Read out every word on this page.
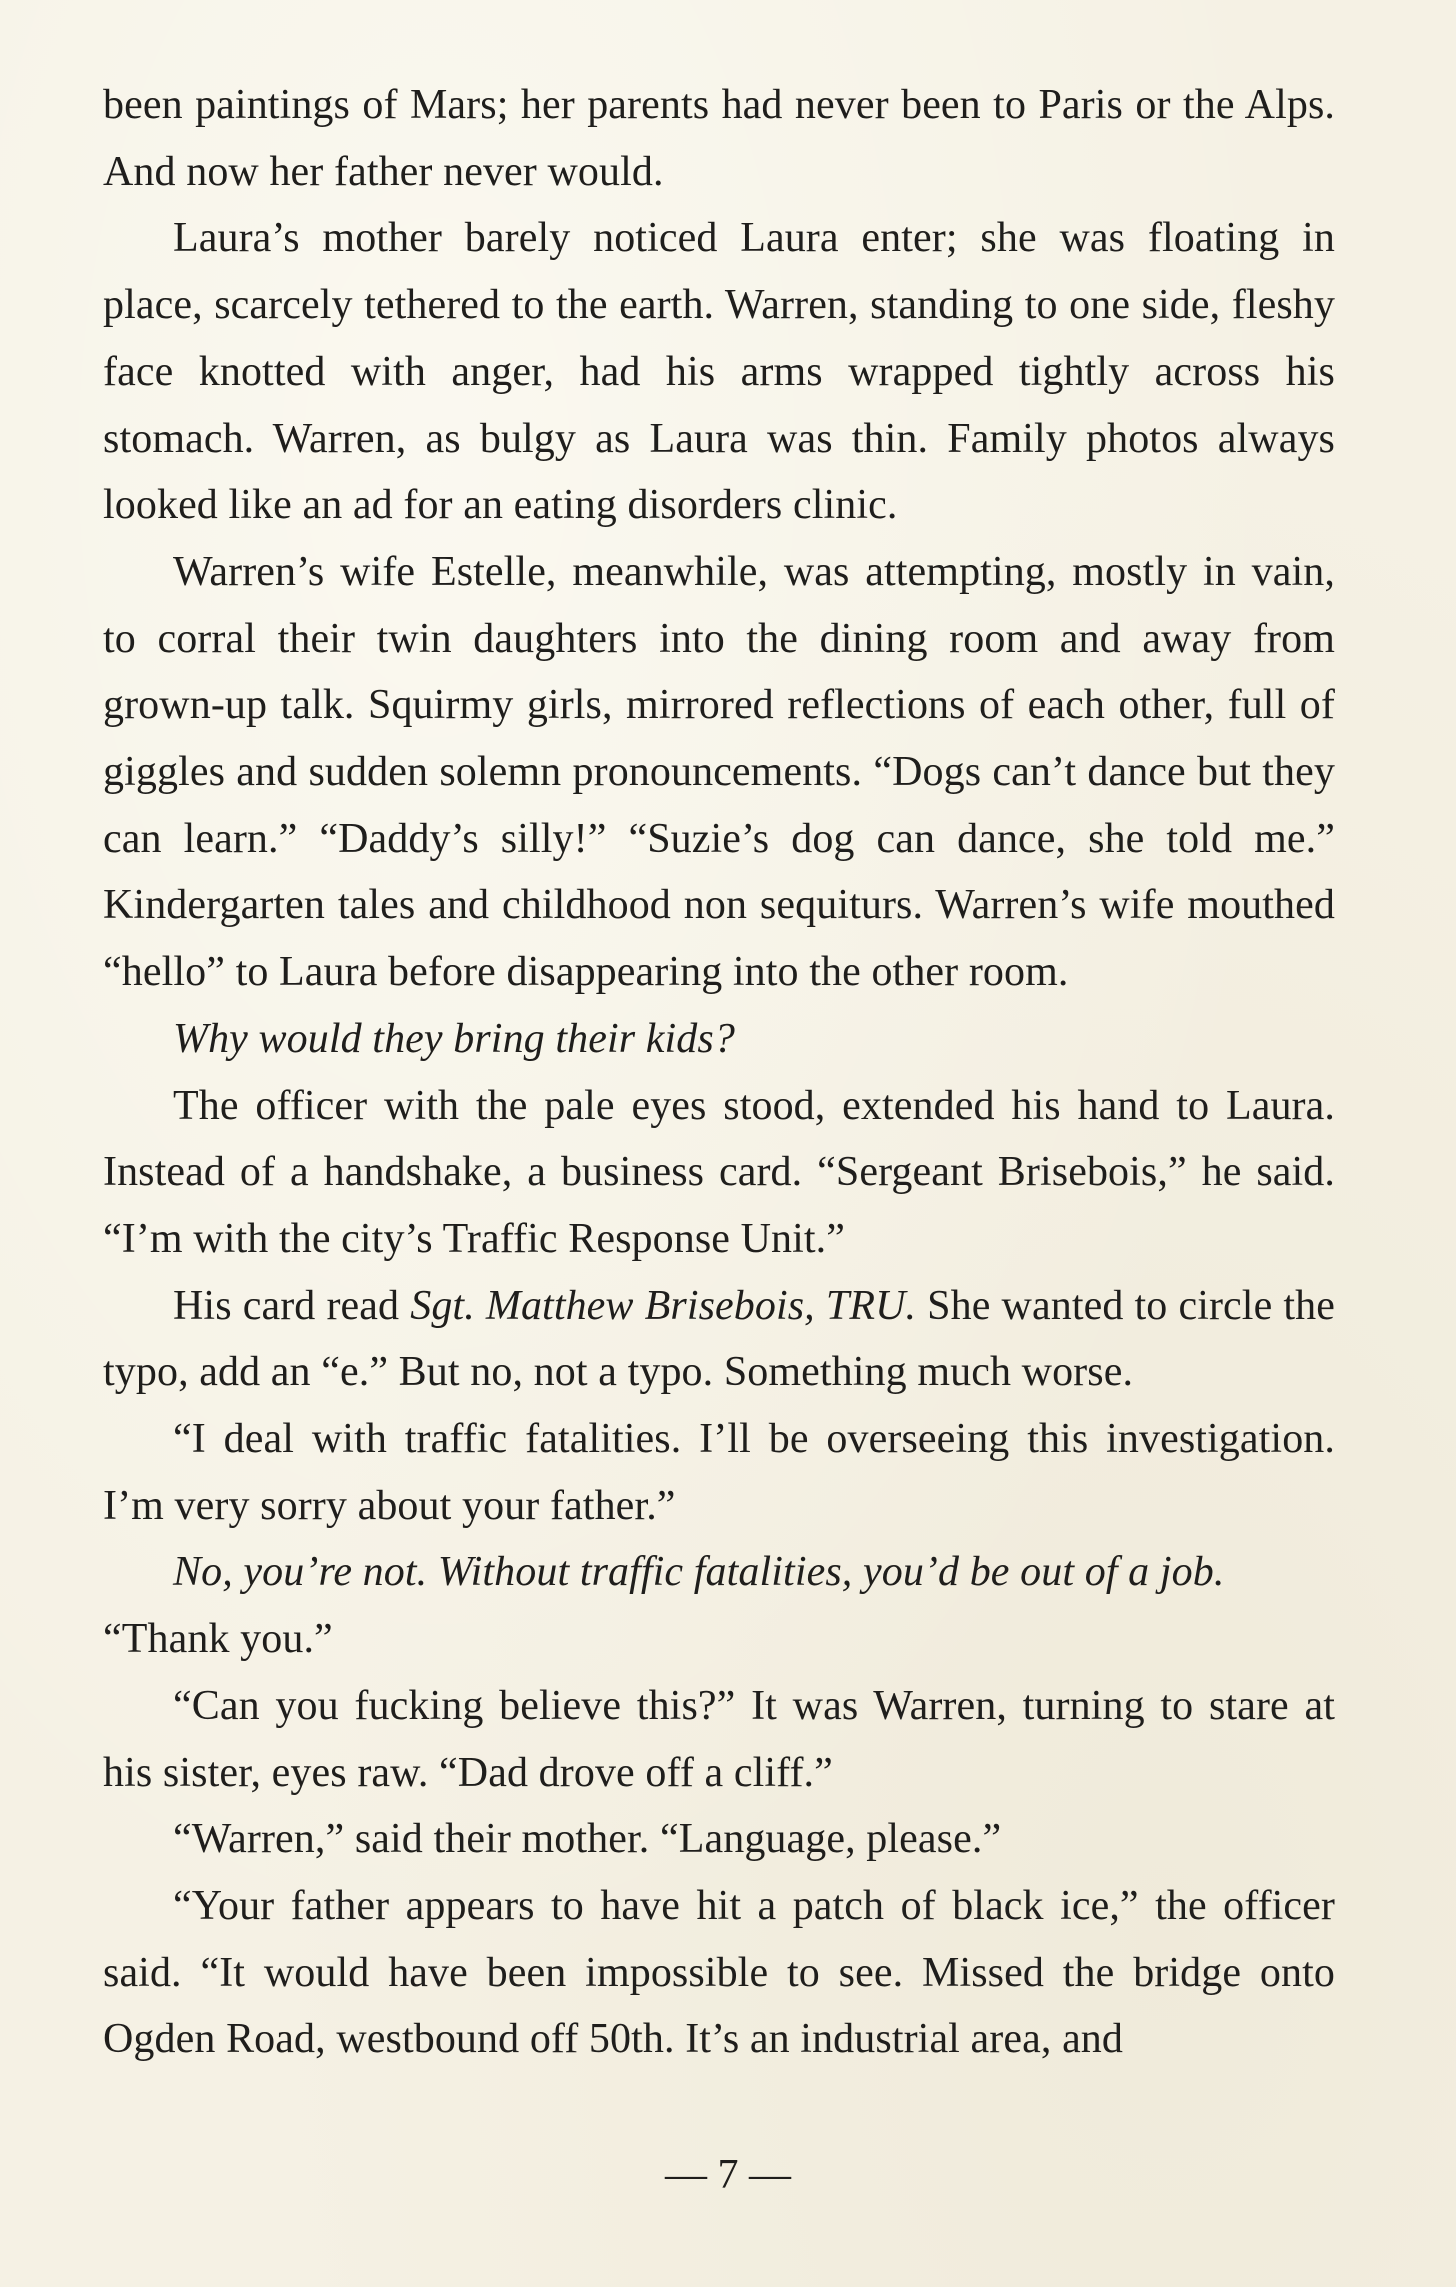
been paintings of Mars; her parents had never been to Paris or the Alps. And now her father never would.

Laura’s mother barely noticed Laura enter; she was floating in place, scarcely tethered to the earth. Warren, standing to one side, fleshy face knotted with anger, had his arms wrapped tightly across his stomach. Warren, as bulgy as Laura was thin. Family photos always looked like an ad for an eating disorders clinic.

Warren’s wife Estelle, meanwhile, was attempting, mostly in vain, to corral their twin daughters into the dining room and away from grown-up talk. Squirmy girls, mirrored reflections of each other, full of giggles and sudden solemn pronouncements. “Dogs can’t dance but they can learn.” “Daddy’s silly!” “Suzie’s dog can dance, she told me.” Kindergarten tales and childhood non sequiturs. Warren’s wife mouthed “hello” to Laura before disappearing into the other room.

Why would they bring their kids?

The officer with the pale eyes stood, extended his hand to Laura. Instead of a handshake, a business card. “Sergeant Brisebois,” he said. “I’m with the city’s Traffic Response Unit.”

His card read Sgt. Matthew Brisebois, TRU. She wanted to circle the typo, add an “e.” But no, not a typo. Something much worse.

“I deal with traffic fatalities. I’ll be overseeing this investigation. I’m very sorry about your father.”

No, you’re not. Without traffic fatalities, you’d be out of a job.

“Thank you.”

“Can you fucking believe this?” It was Warren, turning to stare at his sister, eyes raw. “Dad drove off a cliff.”

“Warren,” said their mother. “Language, please.”

“Your father appears to have hit a patch of black ice,” the officer said. “It would have been impossible to see. Missed the bridge onto Ogden Road, westbound off 50th. It’s an industrial area, and

— 7 —
